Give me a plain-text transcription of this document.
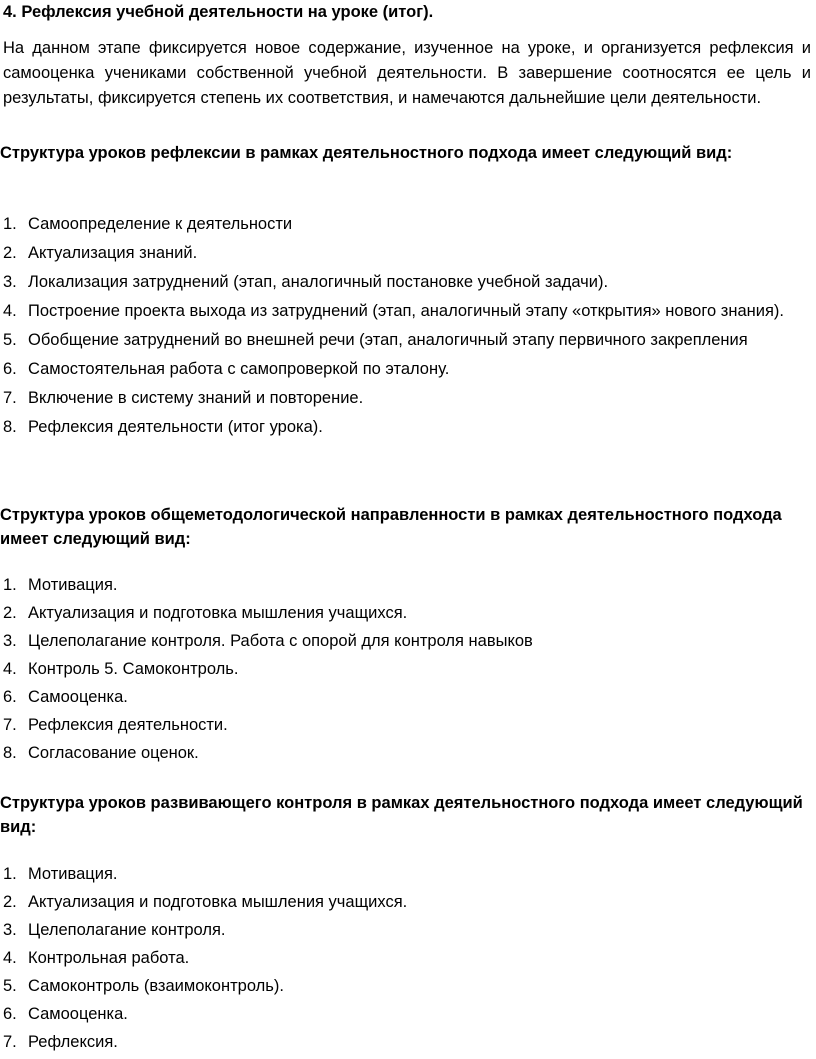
4. Рефлексия учебной деятельности на уроке (итог).

На данном этапе фиксируется новое содержание, изученное на уроке, и организуется рефлексия и самооценка учениками собственной учебной деятельности. В завершение соотносятся ее цель и результаты, фиксируется степень их соответствия, и намечаются дальнейшие цели деятельности.

Структура уроков рефлексии в рамках деятельностного подхода имеет следующий вид:

1. Самоопределение к деятельности
2. Актуализация знаний.
3. Локализация затруднений (этап, аналогичный постановке учебной задачи).
4. Построение проекта выхода из затруднений (этап, аналогичный этапу «открытия» нового знания).
5. Обобщение затруднений во внешней речи (этап, аналогичный этапу первичного закрепления
6. Самостоятельная работа с самопроверкой по эталону.
7. Включение в систему знаний и повторение.
8. Рефлексия деятельности (итог урока).

Структура уроков общеметодологической направленности в рамках деятельностного подхода имеет следующий вид:

1. Мотивация.
2. Актуализация и подготовка мышления учащихся.
3. Целеполагание контроля. Работа с опорой для контроля навыков
4. Контроль 5. Самоконтроль.
6. Самооценка.
7. Рефлексия деятельности.
8. Согласование оценок.

Структура уроков развивающего контроля в рамках деятельностного подхода имеет следующий вид:

1. Мотивация.
2. Актуализация и подготовка мышления учащихся.
3. Целеполагание контроля.
4. Контрольная работа.
5. Самоконтроль (взаимоконтроль).
6. Самооценка.
7. Рефлексия.
